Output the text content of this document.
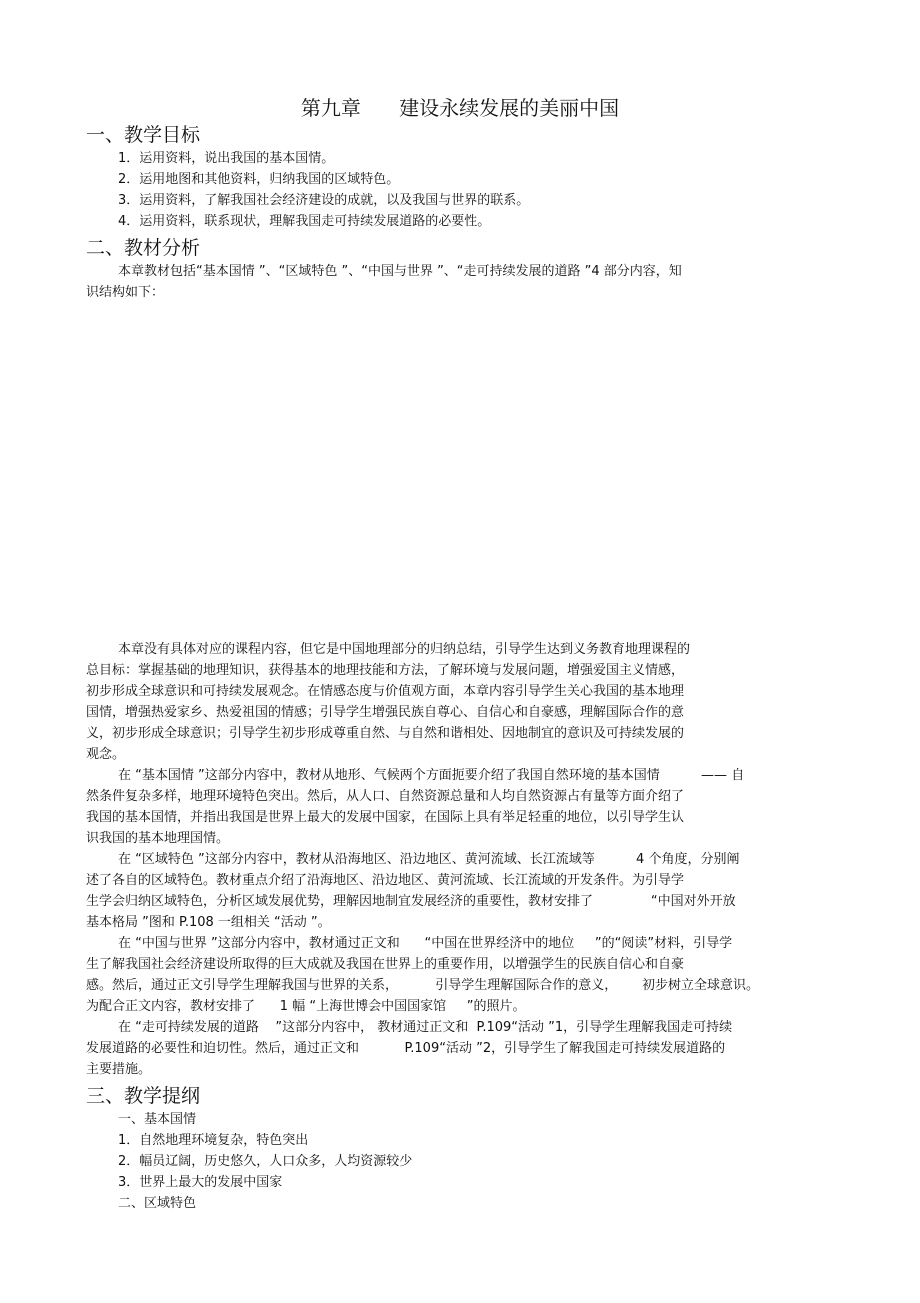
第九章      建设永续发展的美丽中国
一、教学目标
1．运用资料，说出我国的基本国情。
2．运用地图和其他资料，归纳我国的区域特色。
3．运用资料，了解我国社会经济建设的成就，以及我国与世界的联系。
4．运用资料，联系现状，理解我国走可持续发展道路的必要性。
二、教材分析
本章教材包括“基本国情 ”、“区域特色 ”、“中国与世界 ”、“走可持续发展的道路 ”4 部分内容，知
识结构如下：
本章没有具体对应的课程内容，但它是中国地理部分的归纳总结，引导学生达到义务教育地理课程的
总目标：掌握基础的地理知识，获得基本的地理技能和方法，了解环境与发展问题，增强爱国主义情感，
初步形成全球意识和可持续发展观念。在情感态度与价值观方面，本章内容引导学生关心我国的基本地理
国情，增强热爱家乡、热爱祖国的情感；引导学生增强民族自尊心、自信心和自豪感，理解国际合作的意
义，初步形成全球意识；引导学生初步形成尊重自然、与自然和谐相处、因地制宜的意识及可持续发展的
观念。
在 “基本国情 ”这部分内容中，教材从地形、气候两个方面扼要介绍了我国自然环境的基本国情          —— 自
然条件复杂多样，地理环境特色突出。然后，从人口、自然资源总量和人均自然资源占有量等方面介绍了
我国的基本国情，并指出我国是世界上最大的发展中国家，在国际上具有举足轻重的地位，以引导学生认
识我国的基本地理国情。
在 “区域特色 ”这部分内容中，教材从沿海地区、沿边地区、黄河流域、长江流域等          4 个角度，分别阐
述了各自的区域特色。教材重点介绍了沿海地区、沿边地区、黄河流域、长江流域的开发条件。为引导学
生学会归纳区域特色，分析区域发展优势，理解因地制宜发展经济的重要性，教材安排了              “中国对外开放
基本格局 ”图和 P.108 一组相关 “活动 ”。
在 “中国与世界 ”这部分内容中，教材通过正文和      “中国在世界经济中的地位     ”的“阅读”材料，引导学
生了解我国社会经济建设所取得的巨大成就及我国在世界上的重要作用，以增强学生的民族自信心和自豪
感。然后，通过正文引导学生理解我国与世界的关系，         引导学生理解国际合作的意义，      初步树立全球意识。
为配合正文内容，教材安排了      1 幅 “上海世博会中国国家馆     ”的照片。
在 “走可持续发展的道路    ”这部分内容中， 教材通过正文和  P.109“活动 ”1，引导学生理解我国走可持续
发展道路的必要性和迫切性。然后，通过正文和           P.109“活动 ”2，引导学生了解我国走可持续发展道路的
主要措施。
三、教学提纲
一、基本国情
1．自然地理环境复杂，特色突出
2．幅员辽阔，历史悠久，人口众多，人均资源较少
3．世界上最大的发展中国家
二、区域特色
